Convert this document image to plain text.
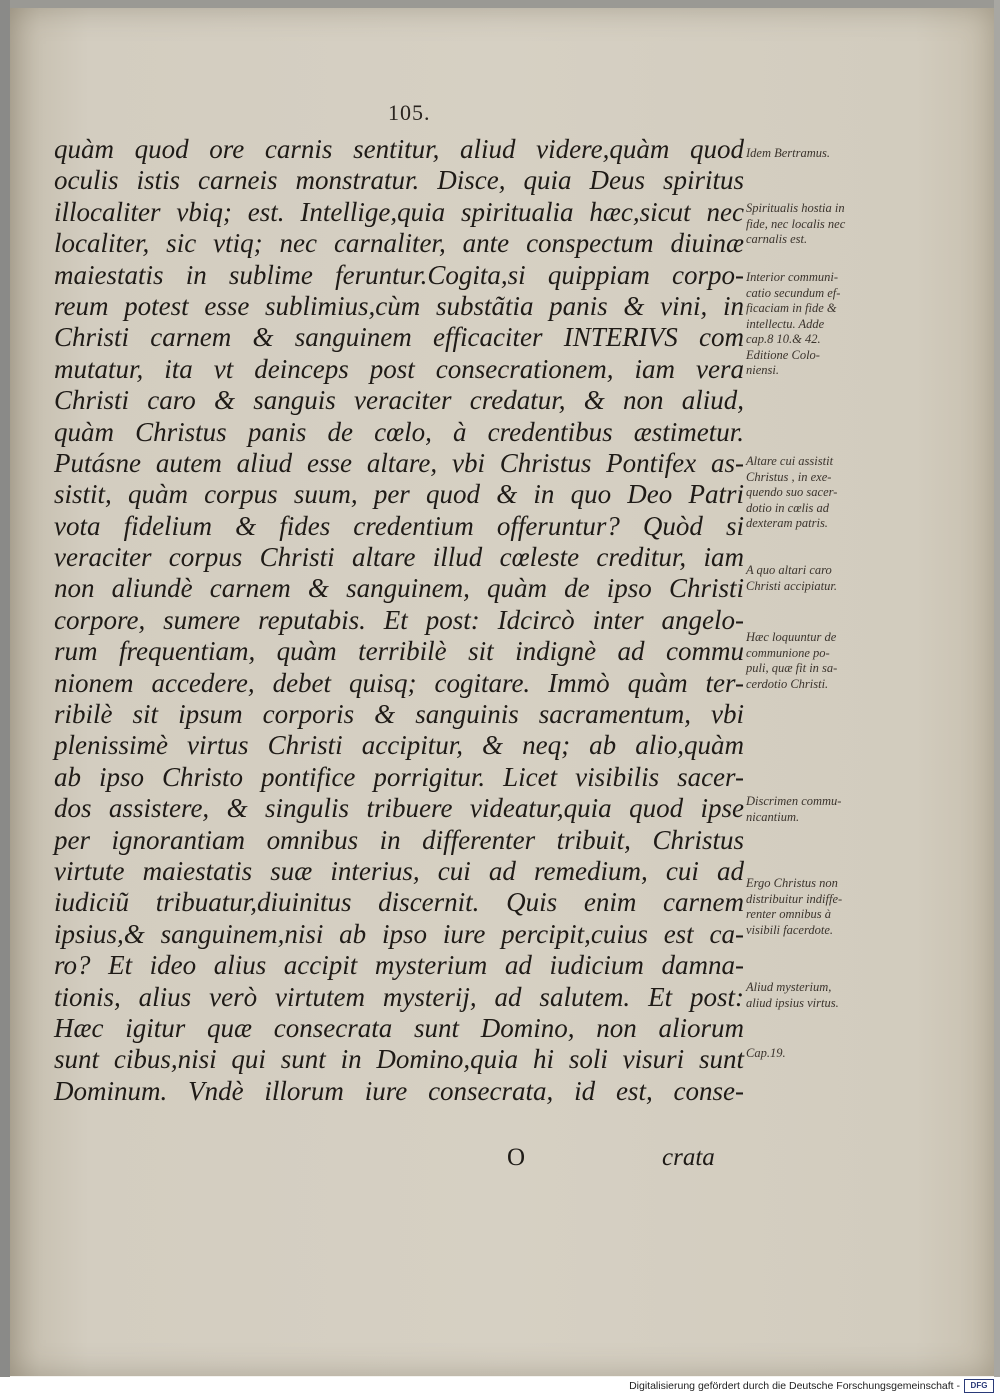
105.
quàm quod ore carnis sentitur, aliud videre,quàm quod
oculis istis carneis monstratur. Disce, quia Deus spiritus
illocaliter vbiq; est. Intellige,quia spiritualia hæc,sicut nec
localiter, sic vtiq; nec carnaliter, ante conspectum diuinæ
maiestatis in sublime feruntur.Cogita,si quippiam corpo-
reum potest esse sublimius,cùm substãtia panis & vini, in
Christi carnem & sanguinem efficaciter INTERIVS com
mutatur, ita vt deinceps post consecrationem, iam vera
Christi caro & sanguis veraciter credatur, & non aliud,
quàm Christus panis de cœlo, à credentibus æstimetur.
Putásne autem aliud esse altare, vbi Christus Pontifex as-
sistit, quàm corpus suum, per quod & in quo Deo Patri
vota fidelium & fides credentium offeruntur? Quòd si
veraciter corpus Christi altare illud cœleste creditur, iam
non aliundè carnem & sanguinem, quàm de ipso Christi
corpore, sumere reputabis. Et post: Idcircò inter angelo-
rum frequentiam, quàm terribilè sit indignè ad commu
nionem accedere, debet quisq; cogitare. Immò quàm ter-
ribilè sit ipsum corporis & sanguinis sacramentum, vbi
plenissimè virtus Christi accipitur, & neq; ab alio,quàm
ab ipso Christo pontifice porrigitur. Licet visibilis sacer-
dos assistere, & singulis tribuere videatur,quia quod ipse
per ignorantiam omnibus in differenter tribuit, Christus
virtute maiestatis suæ interius, cui ad remedium, cui ad
iudiciũ tribuatur,diuinitus discernit. Quis enim carnem
ipsius,& sanguinem,nisi ab ipso iure percipit,cuius est ca-
ro? Et ideo alius accipit mysterium ad iudicium damna-
tionis, alius verò virtutem mysterij, ad salutem. Et post:
Hæc igitur quæ consecrata sunt Domino, non aliorum
sunt cibus,nisi qui sunt in Domino,quia hi soli visuri sunt
Dominum. Vndè illorum iure consecrata, id est, conse-
Idem Bertramus.
Spiritualis hostia in
fide, nec localis nec
carnalis est.
Interior communi-
catio secundum ef-
ficaciam in fide &
intellectu. Adde
cap.8 10.& 42.
Editione Colo-
niensi.
Altare cui assistit
Christus , in exe-
quendo suo sacer-
dotio in cœlis ad
dexteram patris.
A quo altari caro
Christi accipiatur.
Hæc loquuntur de
communione po-
puli, quæ fit in sa-
cerdotio Christi.
Discrimen commu-
nicantium.
Ergo Christus non
distribuitur indiffe-
renter omnibus à
visibili facerdote.
Aliud mysterium,
aliud ipsius virtus.
Cap.19.
O	crata
Digitalisierung gefördert durch die Deutsche Forschungsgemeinschaft -	DFG
